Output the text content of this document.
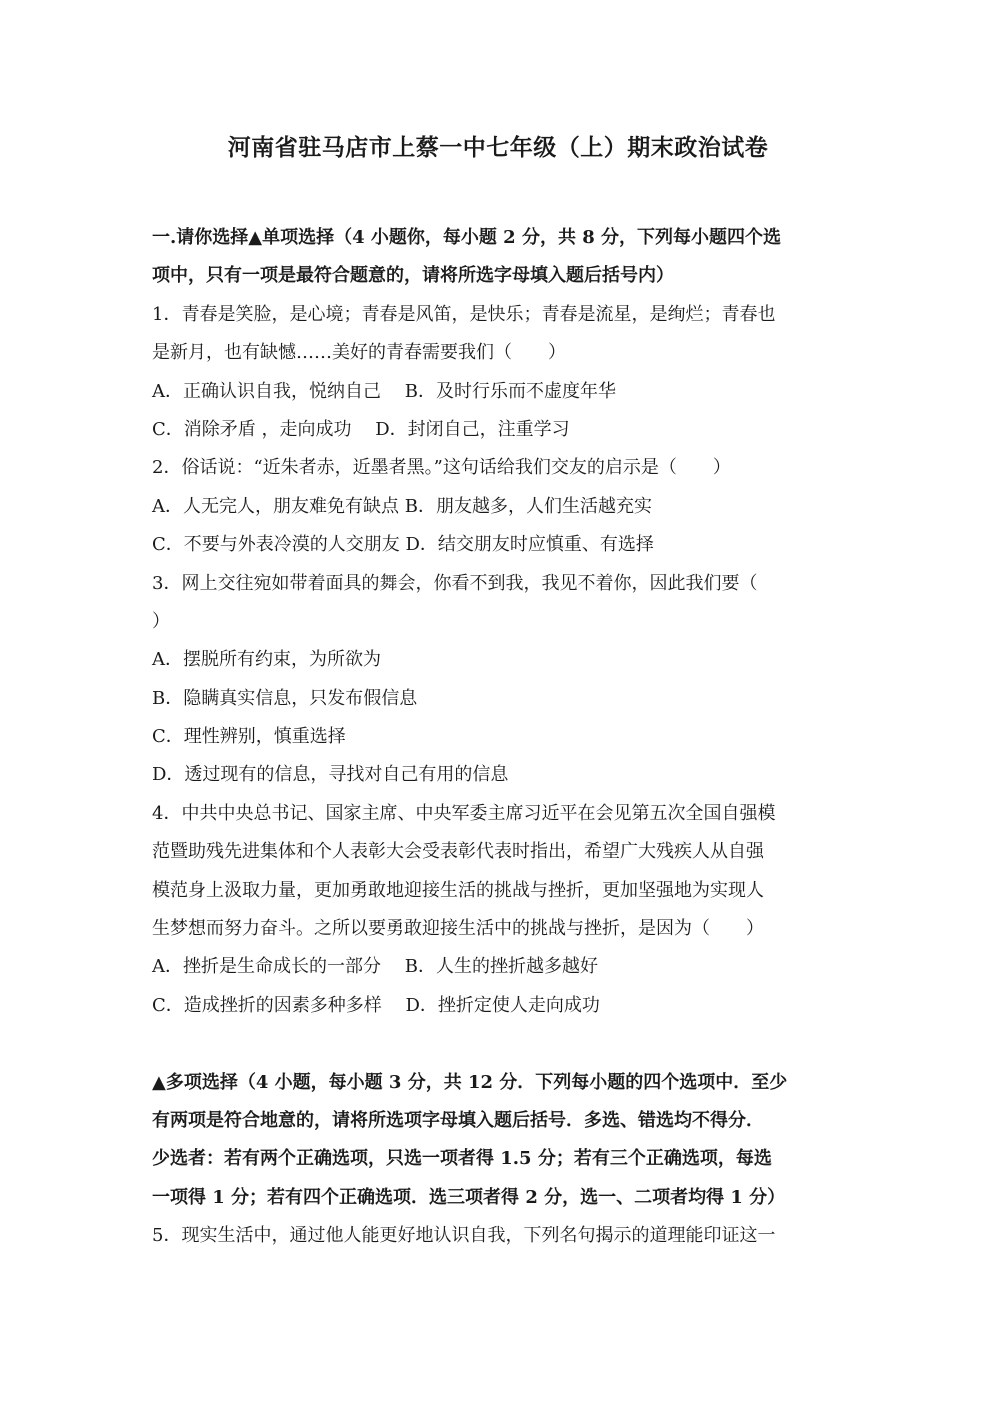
河南省驻马店市上蔡一中七年级（上）期末政治试卷
一.请你选择▲单项选择（4 小题你，每小题 2 分，共 8 分，下列每小题四个选
项中，只有一项是最符合题意的，请将所选字母填入题后括号内）
1．青春是笑脸，是心境；青春是风笛，是快乐；青春是流星，是绚烂；青春也
是新月，也有缺憾……美好的青春需要我们（　　）
A．正确认识自我，悦纳自己　 B．及时行乐而不虚度年华
C．消除矛盾 ，走向成功　 D．封闭自己，注重学习
2．俗话说：“近朱者赤，近墨者黑。”这句话给我们交友的启示是（　　）
A．人无完人，朋友难免有缺点 B．朋友越多，人们生活越充实
C．不要与外表冷漠的人交朋友 D．结交朋友时应慎重、有选择
3．网上交往宛如带着面具的舞会，你看不到我，我见不着你，因此我们要（
）
A．摆脱所有约束，为所欲为
B．隐瞒真实信息，只发布假信息
C．理性辨别，慎重选择
D．透过现有的信息，寻找对自己有用的信息
4．中共中央总书记、国家主席、中央军委主席习近平在会见第五次全国自强模
范暨助残先进集体和个人表彰大会受表彰代表时指出，希望广大残疾人从自强
模范身上汲取力量，更加勇敢地迎接生活的挑战与挫折，更加坚强地为实现人
生梦想而努力奋斗。之所以要勇敢迎接生活中的挑战与挫折，是因为（　　）
A．挫折是生命成长的一部分　 B．人生的挫折越多越好
C．造成挫折的因素多种多样　 D．挫折定使人走向成功
▲多项选择（4 小题，每小题 3 分，共 12 分．下列每小题的四个选项中．至少
有两项是符合地意的，请将所选项字母填入题后括号．多选、错选均不得分．
少选者：若有两个正确选项，只选一项者得 1.5 分；若有三个正确选项，每选
一项得 1 分；若有四个正确选项．选三项者得 2 分，选一、二项者均得 1 分）
5．现实生活中，通过他人能更好地认识自我，下列名句揭示的道理能印证这一
